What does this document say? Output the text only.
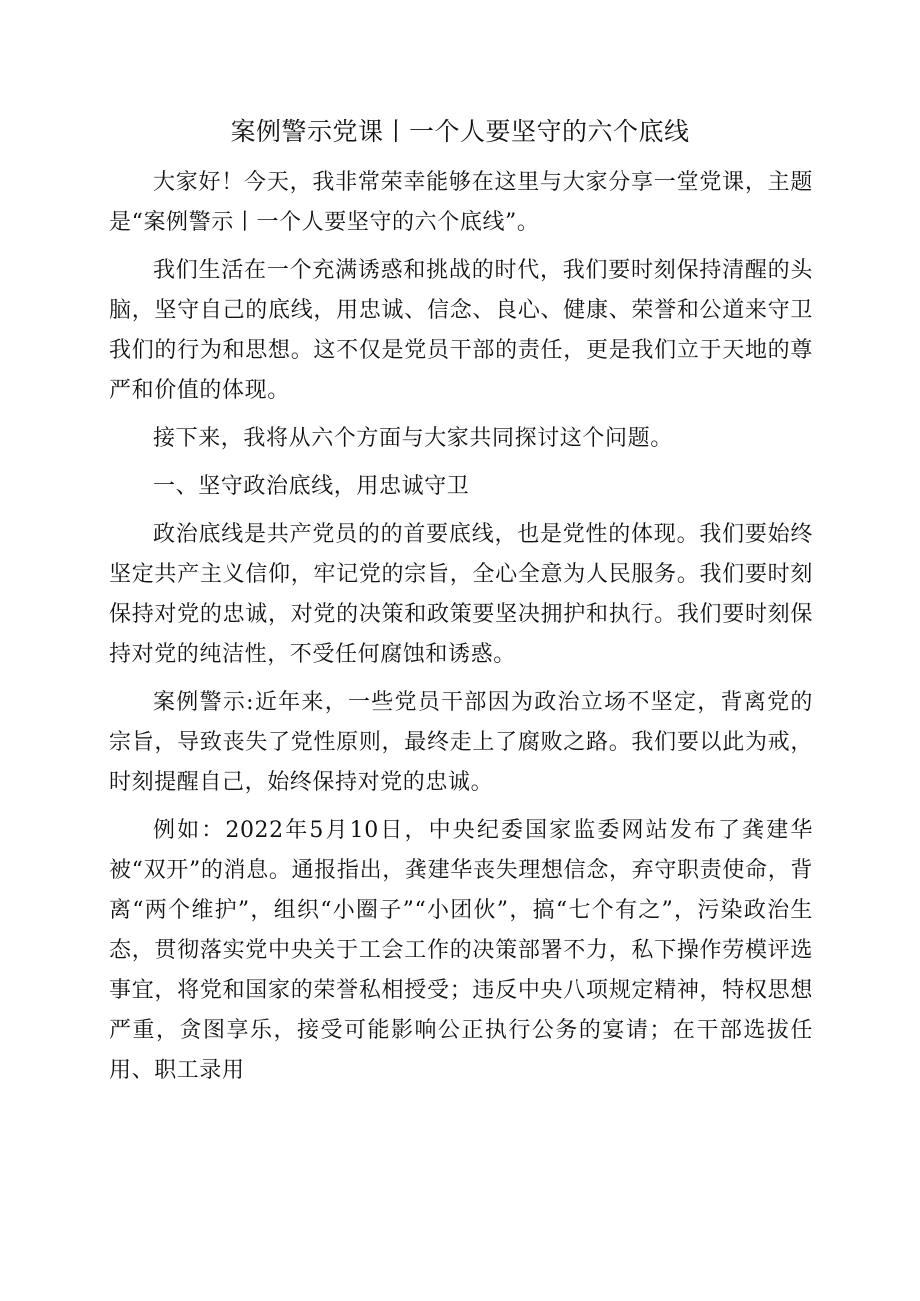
案例警示党课丨一个人要坚守的六个底线

大家好！今天，我非常荣幸能够在这里与大家分享一堂党课，主题是“案例警示丨一个人要坚守的六个底线”。

我们生活在一个充满诱惑和挑战的时代，我们要时刻保持清醒的头脑，坚守自己的底线，用忠诚、信念、良心、健康、荣誉和公道来守卫我们的行为和思想。这不仅是党员干部的责任，更是我们立于天地的尊严和价值的体现。

接下来，我将从六个方面与大家共同探讨这个问题。

一、坚守政治底线，用忠诚守卫

政治底线是共产党员的的首要底线，也是党性的体现。我们要始终坚定共产主义信仰，牢记党的宗旨，全心全意为人民服务。我们要时刻保持对党的忠诚，对党的决策和政策要坚决拥护和执行。我们要时刻保持对党的纯洁性，不受任何腐蚀和诱惑。

案例警示:近年来，一些党员干部因为政治立场不坚定，背离党的宗旨，导致丧失了党性原则，最终走上了腐败之路。我们要以此为戒，时刻提醒自己，始终保持对党的忠诚。

例如：2022年5月10日，中央纪委国家监委网站发布了龚建华被“双开”的消息。通报指出，龚建华丧失理想信念，弃守职责使命，背离“两个维护”，组织“小圈子”“小团伙”，搞“七个有之”，污染政治生态，贯彻落实党中央关于工会工作的决策部署不力，私下操作劳模评选事宜，将党和国家的荣誉私相授受；违反中央八项规定精神，特权思想严重，贪图享乐，接受可能影响公正执行公务的宴请；在干部选拔任用、职工录用
